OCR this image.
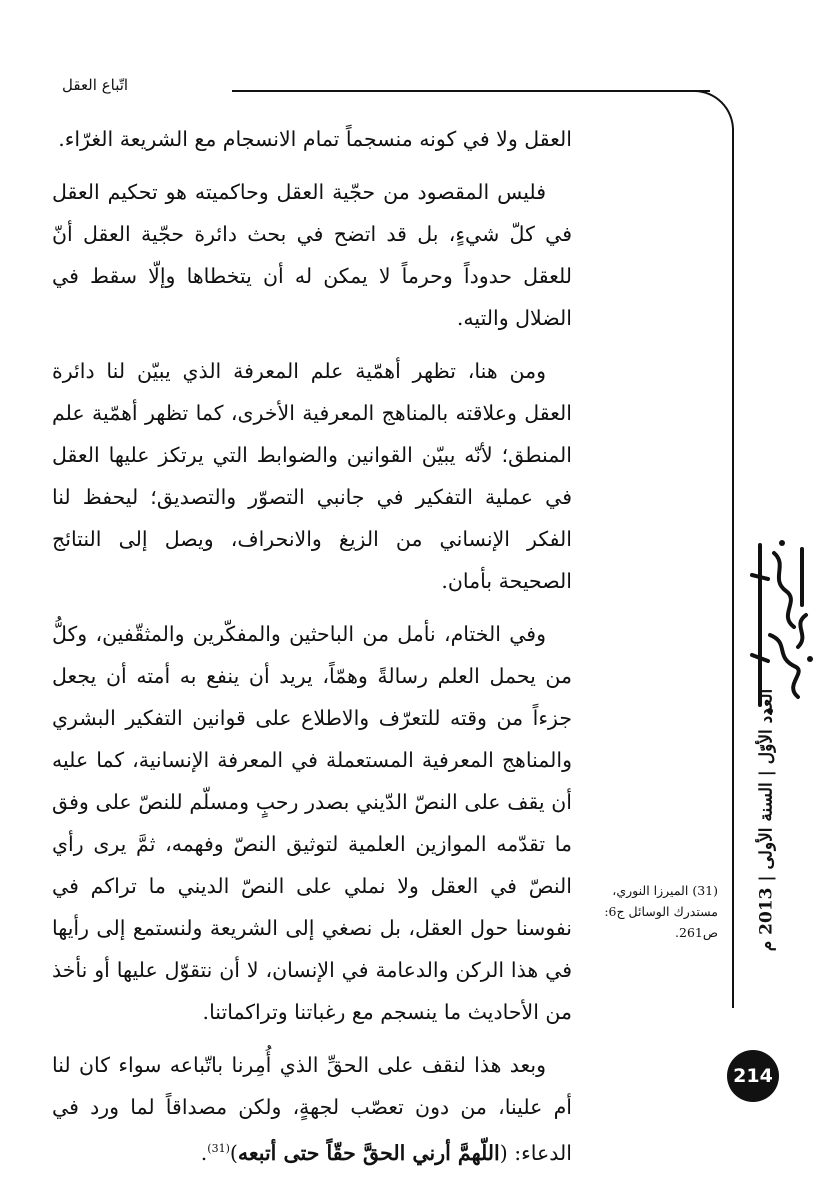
اتّباع العقل

العقل ولا في كونه منسجماً تمام الانسجام مع الشريعة الغرّاء.

فليس المقصود من حجّية العقل وحاكميته هو تحكيم العقل في كلّ شيءٍ، بل قد اتضح في بحث دائرة حجّية العقل أنّ للعقل حدوداً وحرماً لا يمكن له أن يتخطاها وإلّا سقط في الضلال والتيه.

ومن هنا، تظهر أهمّية علم المعرفة الذي يبيّن لنا دائرة العقل وعلاقته بالمناهج المعرفية الأخرى، كما تظهر أهمّية علم المنطق؛ لأنّه يبيّن القوانين والضوابط التي يرتكز عليها العقل في عملية التفكير في جانبي التصوّر والتصديق؛ ليحفظ لنا الفكر الإنساني من الزيغ والانحراف، ويصل إلى النتائج الصحيحة بأمان.

وفي الختام، نأمل من الباحثين والمفكّرين والمثقّفين، وكلُّ من يحمل العلم رسالةً وهمّاً، يريد أن ينفع به أمته أن يجعل جزءاً من وقته للتعرّف والاطلاع على قوانين التفكير البشري والمناهج المعرفية المستعملة في المعرفة الإنسانية، كما عليه أن يقف على النصّ الدّيني بصدر رحبٍ ومسلّم للنصّ على وفق ما تقدّمه الموازين العلمية لتوثيق النصّ وفهمه، ثمَّ يرى رأي النصّ في العقل ولا نملي على النصّ الديني ما تراكم في نفوسنا حول العقل، بل نصغي إلى الشريعة ولنستمع إلى رأيها في هذا الركن والدعامة في الإنسان، لا أن نتقوّل عليها أو نأخذ من الأحاديث ما ينسجم مع رغباتنا وتراكماتنا.

وبعد هذا لنقف على الحقِّ الذي أُمِرنا باتّباعه سواء كان لنا أم علينا، من دون تعصّب لجهةٍ، ولكن مصداقاً لما ورد في الدعاء: (اللّهمَّ أرني الحقَّ حقّاً حتى أتبعه)$^{(31)}$.

(31) الميرزا النوري،
مستدرك الوسائل ج6:
ص261.
الدليل
العدد الأوّل | السنة الأولى | 2013 م
214
